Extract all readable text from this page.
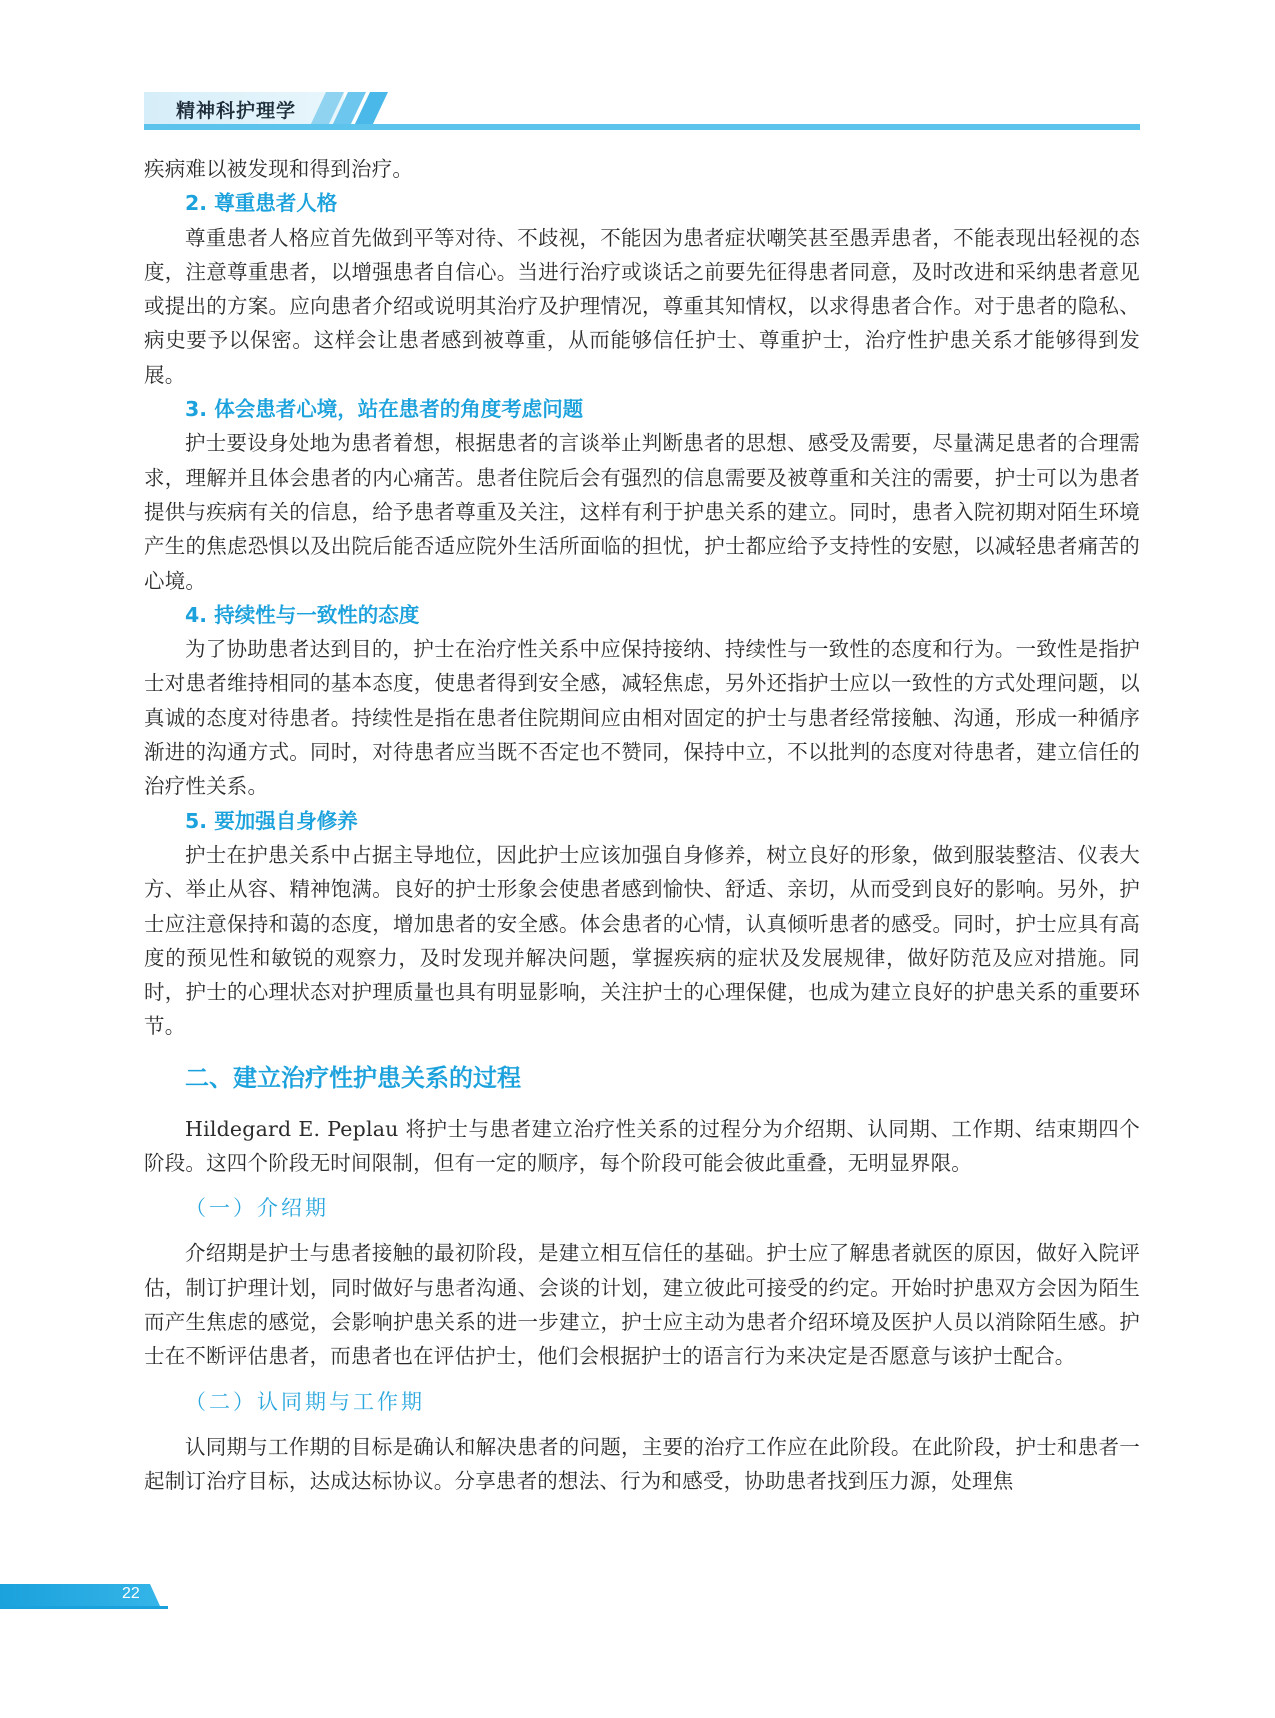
精神科护理学

疾病难以被发现和得到治疗。

2. 尊重患者人格

尊重患者人格应首先做到平等对待、不歧视，不能因为患者症状嘲笑甚至愚弄患者，不能表现出轻视的态度，注意尊重患者，以增强患者自信心。当进行治疗或谈话之前要先征得患者同意，及时改进和采纳患者意见或提出的方案。应向患者介绍或说明其治疗及护理情况，尊重其知情权，以求得患者合作。对于患者的隐私、病史要予以保密。这样会让患者感到被尊重，从而能够信任护士、尊重护士，治疗性护患关系才能够得到发展。

3. 体会患者心境，站在患者的角度考虑问题

护士要设身处地为患者着想，根据患者的言谈举止判断患者的思想、感受及需要，尽量满足患者的合理需求，理解并且体会患者的内心痛苦。患者住院后会有强烈的信息需要及被尊重和关注的需要，护士可以为患者提供与疾病有关的信息，给予患者尊重及关注，这样有利于护患关系的建立。同时，患者入院初期对陌生环境产生的焦虑恐惧以及出院后能否适应院外生活所面临的担忧，护士都应给予支持性的安慰，以减轻患者痛苦的心境。

4. 持续性与一致性的态度

为了协助患者达到目的，护士在治疗性关系中应保持接纳、持续性与一致性的态度和行为。一致性是指护士对患者维持相同的基本态度，使患者得到安全感，减轻焦虑，另外还指护士应以一致性的方式处理问题，以真诚的态度对待患者。持续性是指在患者住院期间应由相对固定的护士与患者经常接触、沟通，形成一种循序渐进的沟通方式。同时，对待患者应当既不否定也不赞同，保持中立，不以批判的态度对待患者，建立信任的治疗性关系。

5. 要加强自身修养

护士在护患关系中占据主导地位，因此护士应该加强自身修养，树立良好的形象，做到服装整洁、仪表大方、举止从容、精神饱满。良好的护士形象会使患者感到愉快、舒适、亲切，从而受到良好的影响。另外，护士应注意保持和蔼的态度，增加患者的安全感。体会患者的心情，认真倾听患者的感受。同时，护士应具有高度的预见性和敏锐的观察力，及时发现并解决问题，掌握疾病的症状及发展规律，做好防范及应对措施。同时，护士的心理状态对护理质量也具有明显影响，关注护士的心理保健，也成为建立良好的护患关系的重要环节。

二、建立治疗性护患关系的过程

Hildegard E. Peplau 将护士与患者建立治疗性关系的过程分为介绍期、认同期、工作期、结束期四个阶段。这四个阶段无时间限制，但有一定的顺序，每个阶段可能会彼此重叠，无明显界限。

（一）介绍期

介绍期是护士与患者接触的最初阶段，是建立相互信任的基础。护士应了解患者就医的原因，做好入院评估，制订护理计划，同时做好与患者沟通、会谈的计划，建立彼此可接受的约定。开始时护患双方会因为陌生而产生焦虑的感觉，会影响护患关系的进一步建立，护士应主动为患者介绍环境及医护人员以消除陌生感。护士在不断评估患者，而患者也在评估护士，他们会根据护士的语言行为来决定是否愿意与该护士配合。

（二）认同期与工作期

认同期与工作期的目标是确认和解决患者的问题，主要的治疗工作应在此阶段。在此阶段，护士和患者一起制订治疗目标，达成达标协议。分享患者的想法、行为和感受，协助患者找到压力源，处理焦

22
